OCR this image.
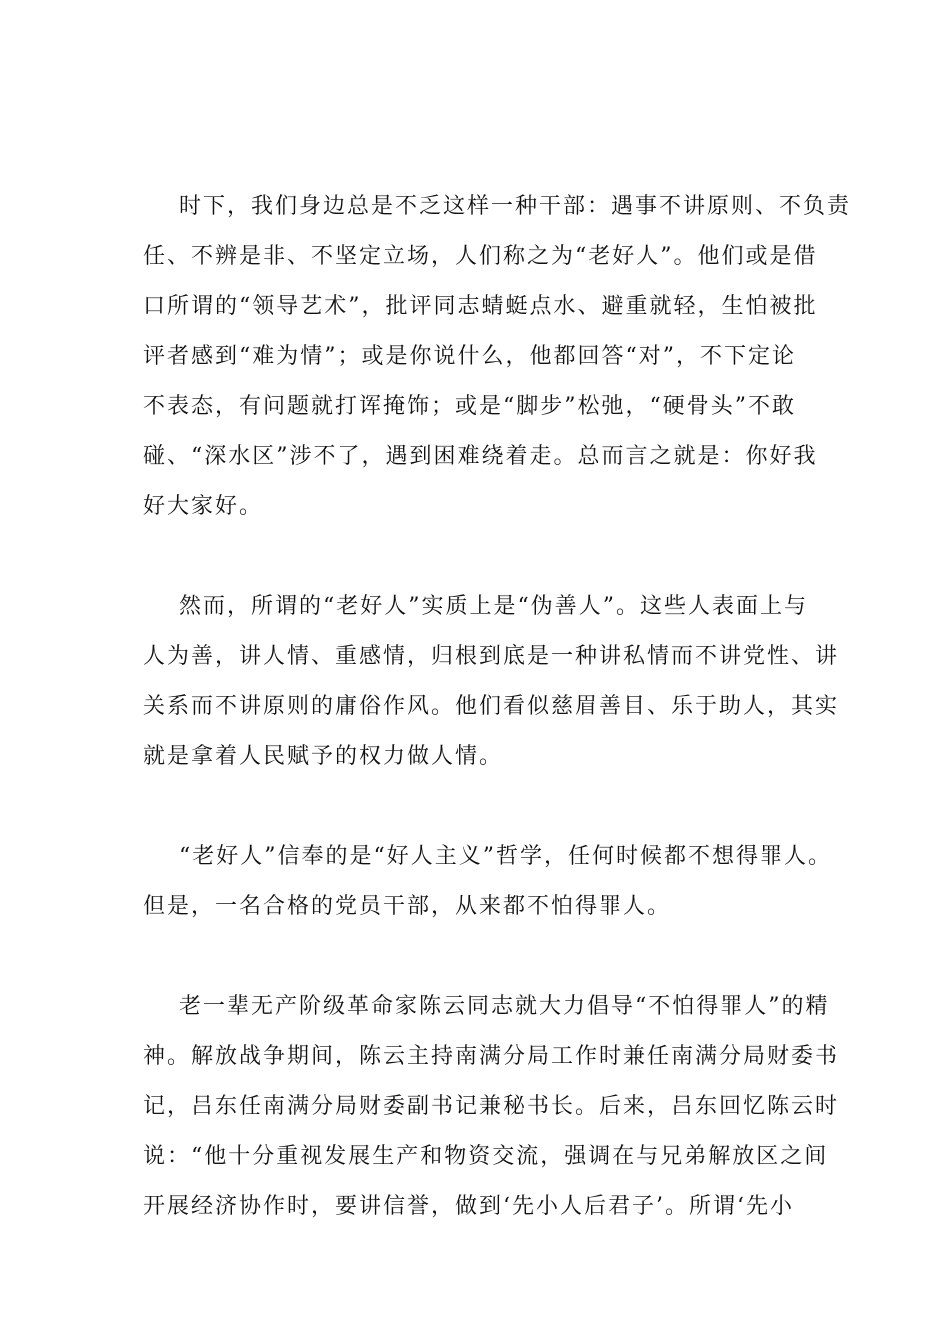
时下，我们身边总是不乏这样一种干部：遇事不讲原则、不负责
任、不辨是非、不坚定立场，人们称之为“老好人”。他们或是借
口所谓的“领导艺术”，批评同志蜻蜓点水、避重就轻，生怕被批
评者感到“难为情”；或是你说什么，他都回答“对”，不下定论
不表态，有问题就打诨掩饰；或是“脚步”松弛，“硬骨头”不敢
碰、“深水区”涉不了，遇到困难绕着走。总而言之就是：你好我
好大家好。

然而，所谓的“老好人”实质上是“伪善人”。这些人表面上与
人为善，讲人情、重感情，归根到底是一种讲私情而不讲党性、讲
关系而不讲原则的庸俗作风。他们看似慈眉善目、乐于助人，其实
就是拿着人民赋予的权力做人情。

“老好人”信奉的是“好人主义”哲学，任何时候都不想得罪人。
但是，一名合格的党员干部，从来都不怕得罪人。

老一辈无产阶级革命家陈云同志就大力倡导“不怕得罪人”的精
神。解放战争期间，陈云主持南满分局工作时兼任南满分局财委书
记，吕东任南满分局财委副书记兼秘书长。后来，吕东回忆陈云时
说：“他十分重视发展生产和物资交流，强调在与兄弟解放区之间
开展经济协作时，要讲信誉，做到‘先小人后君子’。所谓‘先小
